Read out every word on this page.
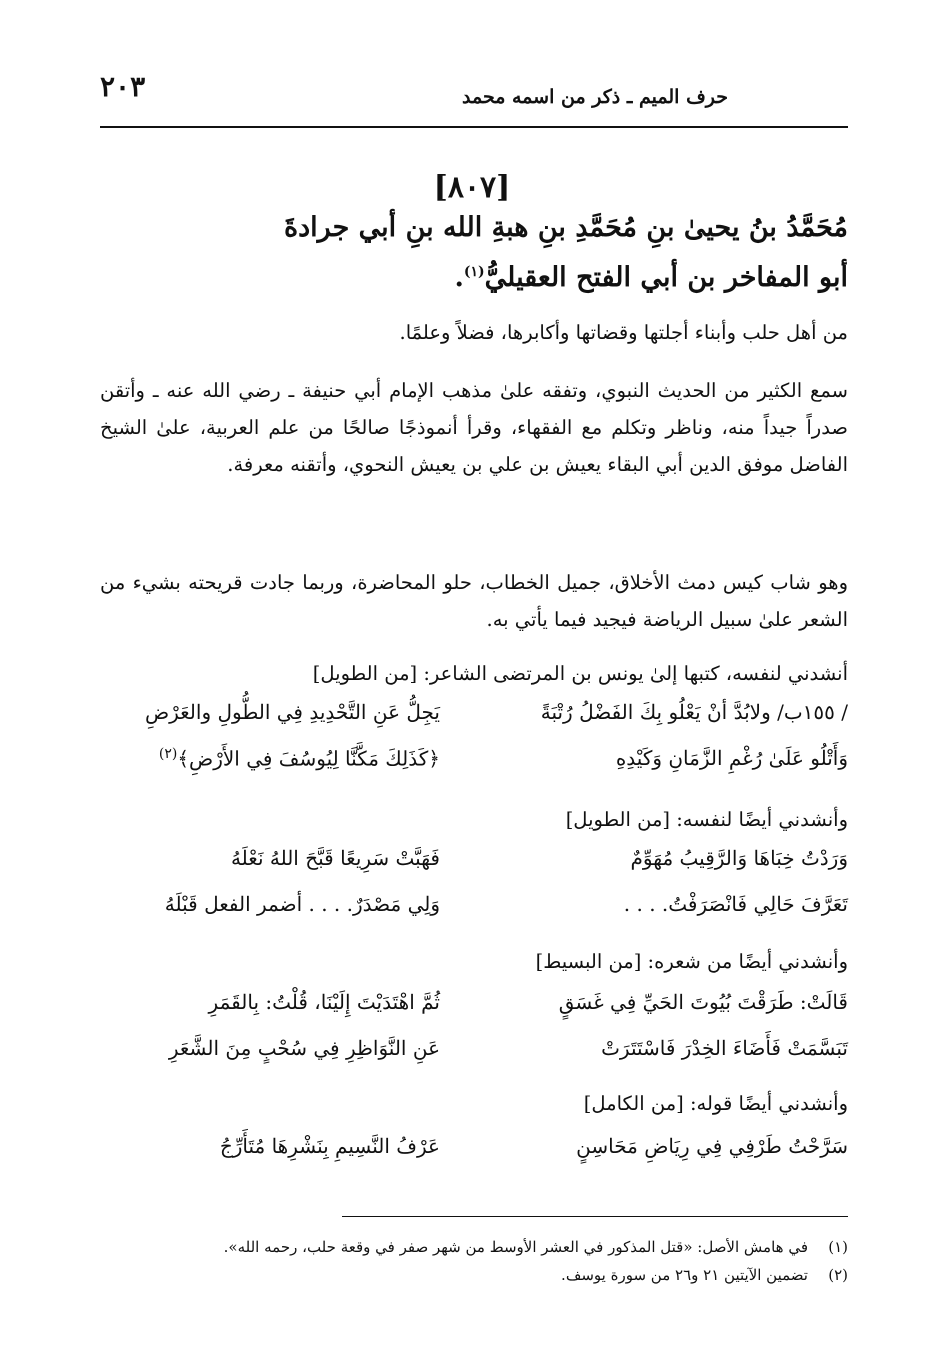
حرف الميم ـ ذكر من اسمه محمد
٢٠٣
[٨٠٧]
مُحَمَّدُ بنُ يحيىٰ بنِ مُحَمَّدِ بنِ هبةِ الله بنِ أبي جرادةَ
أبو المفاخر بن أبي الفتح العقيليُّ$^{(١)}$.
من أهل حلب وأبناء أجلتها وقضاتها وأكابرها، فضلاً وعلمًا.
سمع الكثير من الحديث النبوي، وتفقه علىٰ مذهب الإمام أبي حنيفة ـ رضي الله عنه ـ وأتقن صدراً جيداً منه، وناظر وتكلم مع الفقهاء، وقرأ أنموذجًا صالحًا من علم العربية، علىٰ الشيخ الفاضل موفق الدين أبي البقاء يعيش بن علي بن يعيش النحوي، وأتقنه معرفة.
وهو شاب كيس دمث الأخلاق، جميل الخطاب، حلو المحاضرة، وربما جادت قريحته بشيء من الشعر علىٰ سبيل الرياضة فيجيد فيما يأتي به.
أنشدني لنفسه، كتبها إلىٰ يونس بن المرتضى الشاعر: [من الطويل]
/ ١٥٥ب/ ولابُدَّ أنْ يَعْلُو بِكَ الفَضْلُ رُتْبَةً
يَجِلُّ عَنِ التَّحْدِيدِ فِي الطُّولِ والعَرْضِ
وَأَتْلُو عَلَىٰ رُغْمِ الزَّمَانِ وَكَيْدِهِ
﴿كَذَلِكَ مَكَّنَّا لِيُوسُفَ فِي الأَرْضِ﴾$^{(٢)}$
وأنشدني أيضًا لنفسه: [من الطويل]
وَرَدْتُ خِبَاهَا وَالرَّقِيبُ مُهَوِّمٌ
فَهَبَّتْ سَرِيعًا قَبَّحَ اللهُ نَعْلَهُ
تَعَرَّفَ حَالِي فَانْصَرَفْتُ. . . .
وَلِي مَصْدَرٌ. . . . أضمر الفعل قَبْلَهُ
وأنشدني أيضًا من شعره: [من البسيط]
قَالَتْ: طَرَقْتَ بُيُوتَ الحَيِّ فِي غَسَقٍ
ثُمَّ اهْتَدَيْتَ إِلَيْنَا، قُلْتُ: بِالقَمَرِ
تَبَسَّمَتْ فَأَضَاءَ الخِدْرَ فَاسْتَتَرَتْ
عَنِ النَّوَاظِرِ فِي سُحْبٍ مِنَ الشَّعَرِ
وأنشدني أيضًا قوله: [من الكامل]
سَرَّحْتُ طَرْفِي فِي رِيَاضِ مَحَاسِنٍ
عَرْفُ النَّسِيمِ بِنَشْرِهَا مُتَأَرِّجُ
(١)في هامش الأصل: «قتل المذكور في العشر الأوسط من شهر صفر في وقعة حلب، رحمه الله».
(٢)تضمين الآيتين ٢١ و٢٦ من سورة يوسف.
